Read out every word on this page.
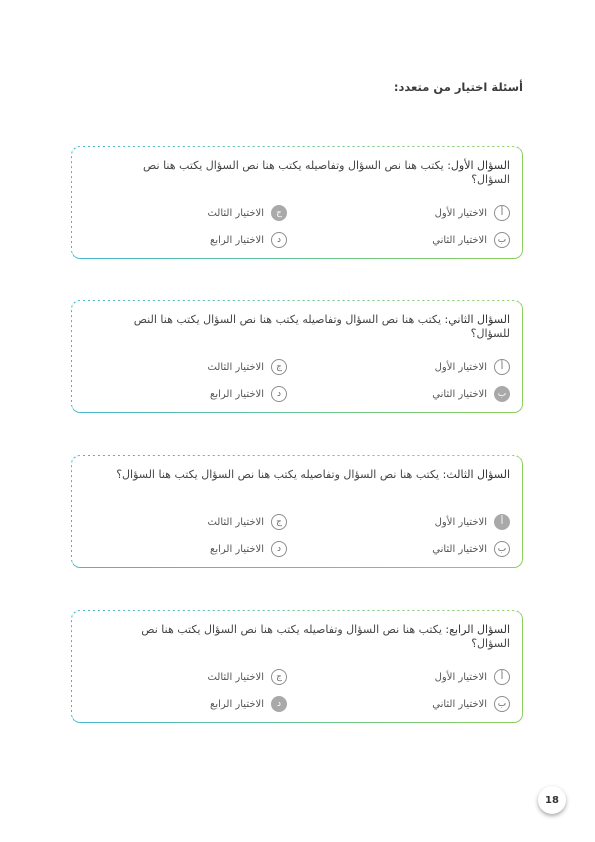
أسئلة اختيار من متعدد:
السؤال الأول: يكتب هنا نص السؤال وتفاصيله يكتب هنا نص السؤال يكتب هنا نص السؤال؟
أ
الاختيار الأول
ب
الاختيار الثاني
ج
الاختيار الثالث
د
الاختيار الرابع
السؤال الثاني: يكتب هنا نص السؤال وتفاصيله يكتب هنا نص السؤال يكتب هنا النص للسؤال؟
أ
الاختيار الأول
ب
الاختيار الثاني
ج
الاختيار الثالث
د
الاختيار الرابع
السؤال الثالث: يكتب هنا نص السؤال وتفاصيله يكتب هنا نص السؤال يكتب هنا السؤال؟
أ
الاختيار الأول
ب
الاختيار الثاني
ج
الاختيار الثالث
د
الاختيار الرابع
السؤال الرابع: يكتب هنا نص السؤال وتفاصيله يكتب هنا نص السؤال يكتب هنا نص السؤال؟
أ
الاختيار الأول
ب
الاختيار الثاني
ج
الاختيار الثالث
د
الاختيار الرابع
18
